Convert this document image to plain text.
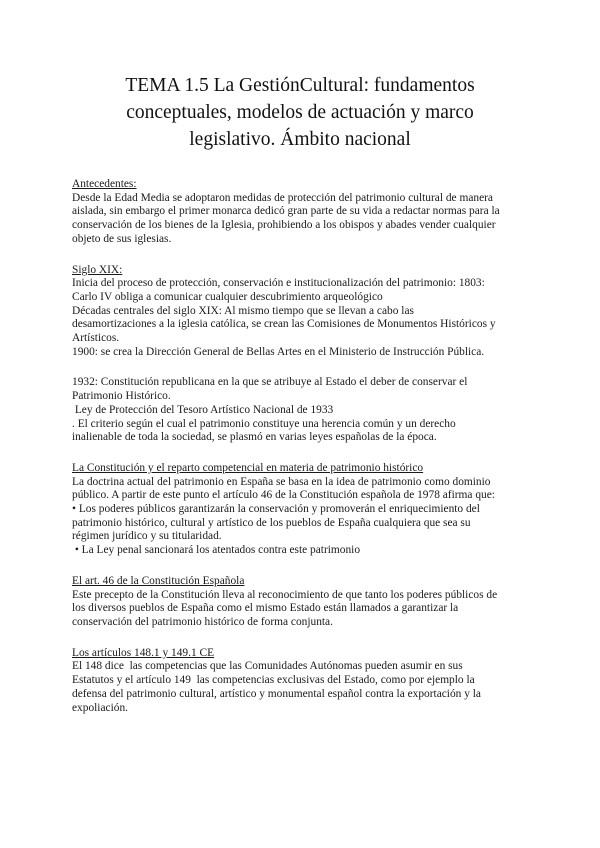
TEMA 1.5 La GestiónCultural: fundamentos
conceptuales, modelos de actuación y marco
legislativo. Ámbito nacional
Antecedentes:
Desde la Edad Media se adoptaron medidas de protección del patrimonio cultural de manera
aislada, sin embargo el primer monarca dedicó gran parte de su vida a redactar normas para la
conservación de los bienes de la Iglesia, prohibiendo a los obispos y abades vender cualquier
objeto de sus iglesias.
Siglo XIX:
Inicia del proceso de protección, conservación e institucionalización del patrimonio: 1803:
Carlo IV obliga a comunicar cualquier descubrimiento arqueológico
Décadas centrales del siglo XIX: Al mismo tiempo que se llevan a cabo las
desamortizaciones a la iglesia católica, se crean las Comisiones de Monumentos Históricos y
Artísticos.
1900: se crea la Dirección General de Bellas Artes en el Ministerio de Instrucción Pública.
1932: Constitución republicana en la que se atribuye al Estado el deber de conservar el
Patrimonio Histórico.
Ley de Protección del Tesoro Artístico Nacional de 1933
. El criterio según el cual el patrimonio constituye una herencia común y un derecho
inalienable de toda la sociedad, se plasmó en varias leyes españolas de la época.
La Constitución y el reparto competencial en materia de patrimonio histórico
La doctrina actual del patrimonio en España se basa en la idea de patrimonio como dominio
público. A partir de este punto el artículo 46 de la Constitución española de 1978 afirma que:
• Los poderes públicos garantizarán la conservación y promoverán el enriquecimiento del
patrimonio histórico, cultural y artístico de los pueblos de España cualquiera que sea su
régimen jurídico y su titularidad.
• La Ley penal sancionará los atentados contra este patrimonio
El art. 46 de la Constitución Española
Este precepto de la Constitución lleva al reconocimiento de que tanto los poderes públicos de
los diversos pueblos de España como el mismo Estado están llamados a garantizar la
conservación del patrimonio histórico de forma conjunta.
Los artículos 148.1 y 149.1 CE
El 148 dice  las competencias que las Comunidades Autónomas pueden asumir en sus
Estatutos y el artículo 149  las competencias exclusivas del Estado, como por ejemplo la
defensa del patrimonio cultural, artístico y monumental español contra la exportación y la
expoliación.
